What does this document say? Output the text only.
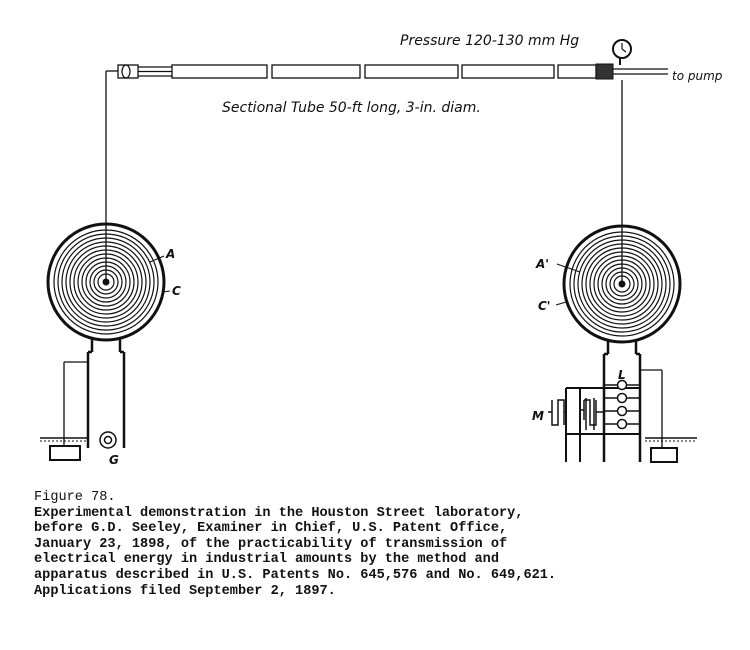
Pressure 120-130 mm Hg
to pump
Sectional Tube 50-ft long, 3-in. diam.
A
C
G
A'
C'
L
M
Figure 78.
Experimental demonstration in the Houston Street laboratory,
before G.D. Seeley, Examiner in Chief, U.S. Patent Office,
January 23, 1898, of the practicability of transmission of
electrical energy in industrial amounts by the method and
apparatus described in U.S. Patents No. 645,576 and No. 649,621.
Applications filed September 2, 1897.
